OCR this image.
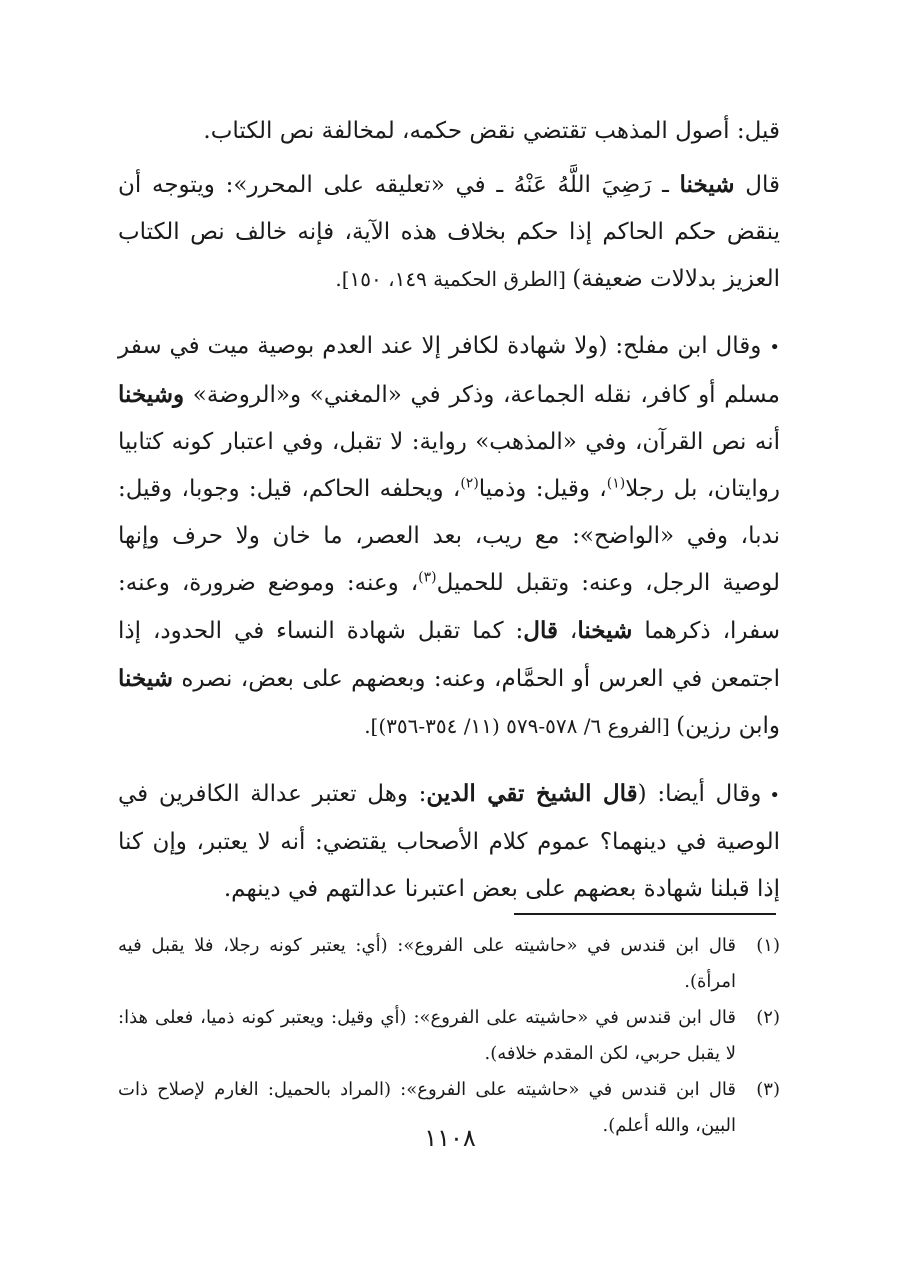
قيل: أصول المذهب تقتضي نقض حكمه، لمخالفة نص الكتاب.

قال شيخنا ـ رَضِيَ اللَّهُ عَنْهُ ـ في «تعليقه على المحرر»: ويتوجه أن ينقض حكم الحاكم إذا حكم بخلاف هذه الآية، فإنه خالف نص الكتاب العزيز بدلالات ضعيفة) [الطرق الحكمية ١٤٩، ١٥٠].

•وقال ابن مفلح: (ولا شهادة لكافر إلا عند العدم بوصية ميت في سفر مسلم أو كافر، نقله الجماعة، وذكر في «المغني» و«الروضة» وشيخنا أنه نص القرآن، وفي «المذهب» رواية: لا تقبل، وفي اعتبار كونه كتابيا روايتان، بل رجلا$^{(١)}$، وقيل: وذميا$^{(٢)}$، ويحلفه الحاكم، قيل: وجوبا، وقيل: ندبا، وفي «الواضح»: مع ريب، بعد العصر، ما خان ولا حرف وإنها لوصية الرجل، وعنه: وتقبل للحميل$^{(٣)}$، وعنه: وموضع ضرورة، وعنه: سفرا، ذكرهما شيخنا، قال: كما تقبل شهادة النساء في الحدود، إذا اجتمعن في العرس أو الحمَّام، وعنه: وبعضهم على بعض، نصره شيخنا وابن رزين) [الفروع ٦/ ٥٧٨-٥٧٩ (١١/ ٣٥٤-٣٥٦)].

•وقال أيضا: (قال الشيخ تقي الدين: وهل تعتبر عدالة الكافرين في الوصية في دينهما؟ عموم كلام الأصحاب يقتضي: أنه لا يعتبر، وإن كنا إذا قبلنا شهادة بعضهم على بعض اعتبرنا عدالتهم في دينهم.

(١)
قال ابن قندس في «حاشيته على الفروع»: (أي: يعتبر كونه رجلا، فلا يقبل فيه امرأة).

(٢)
قال ابن قندس في «حاشيته على الفروع»: (أي وقيل: ويعتبر كونه ذميا، فعلى هذا: لا يقبل حربي، لكن المقدم خلافه).

(٣)
قال ابن قندس في «حاشيته على الفروع»: (المراد بالحميل: الغارم لإصلاح ذات البين، والله أعلم).

١١٠٨
